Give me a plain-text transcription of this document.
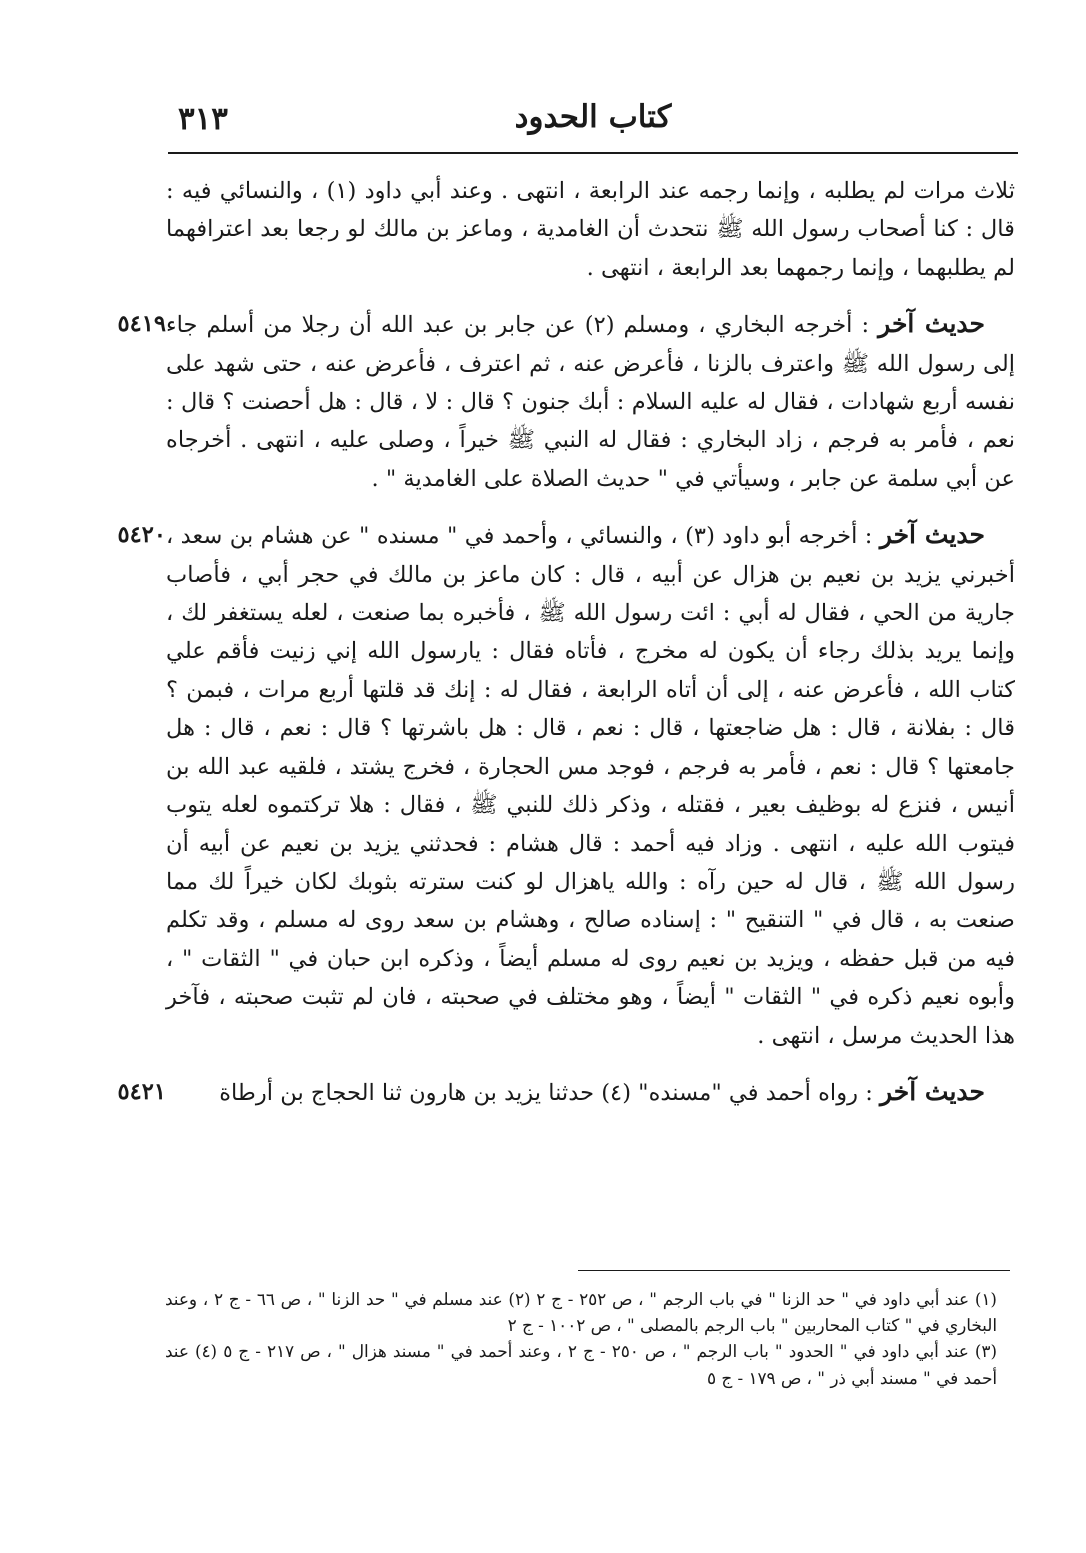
كتاب الحدود
٣١٣
ثلاث مرات لم يطلبه ، وإنما رجمه عند الرابعة ، انتهى . وعند أبي داود (١) ، والنسائي فيه : قال : كنا أصحاب رسول الله ﷺ نتحدث أن الغامدية ، وماعز بن مالك لو رجعا بعد اعترافهما لم يطلبهما ، وإنما رجمهما بعد الرابعة ، انتهى .
٥٤١٩	حديث آخر : أخرجه البخاري ، ومسلم (٢) عن جابر بن عبد الله أن رجلا من أسلم جاء إلى رسول الله ﷺ واعترف بالزنا ، فأعرض عنه ، ثم اعترف ، فأعرض عنه ، حتى شهد على نفسه أربع شهادات ، فقال له عليه السلام : أبك جنون ؟ قال : لا ، قال : هل أحصنت ؟ قال : نعم ، فأمر به فرجم ، زاد البخاري : فقال له النبي ﷺ خيراً ، وصلى عليه ، انتهى . أخرجاه عن أبي سلمة عن جابر ، وسيأتي في " حديث الصلاة على الغامدية " .
٥٤٢٠	حديث آخر : أخرجه أبو داود (٣) ، والنسائي ، وأحمد في " مسنده " عن هشام بن سعد ، أخبرني يزيد بن نعيم بن هزال عن أبيه ، قال : كان ماعز بن مالك في حجر أبي ، فأصاب جارية من الحي ، فقال له أبي : ائت رسول الله ﷺ ، فأخبره بما صنعت ، لعله يستغفر لك ، وإنما يريد بذلك رجاء أن يكون له مخرج ، فأتاه فقال : يارسول الله إني زنيت فأقم علي كتاب الله ، فأعرض عنه ، إلى أن أتاه الرابعة ، فقال له : إنك قد قلتها أربع مرات ، فبمن ؟ قال : بفلانة ، قال : هل ضاجعتها ، قال : نعم ، قال : هل باشرتها ؟ قال : نعم ، قال : هل جامعتها ؟ قال : نعم ، فأمر به فرجم ، فوجد مس الحجارة ، فخرج يشتد ، فلقيه عبد الله بن أنيس ، فنزع له بوظيف بعير ، فقتله ، وذكر ذلك للنبي ﷺ ، فقال : هلا تركتموه لعله يتوب فيتوب الله عليه ، انتهى . وزاد فيه أحمد : قال هشام : فحدثني يزيد بن نعيم عن أبيه أن رسول الله ﷺ ، قال له حين رآه : والله ياهزال لو كنت سترته بثوبك لكان خيراً لك مما صنعت به ، قال في " التنقيح " : إسناده صالح ، وهشام بن سعد روى له مسلم ، وقد تكلم فيه من قبل حفظه ، ويزيد بن نعيم روى له مسلم أيضاً ، وذكره ابن حبان في " الثقات " ، وأبوه نعيم ذكره في " الثقات " أيضاً ، وهو مختلف في صحبته ، فان لم تثبت صحبته ، فآخر هذا الحديث مرسل ، انتهى .
٥٤٢١	حديث آخر : رواه أحمد في "مسنده" (٤) حدثنا يزيد بن هارون ثنا الحجاج بن أرطاة
(١) عند أبي داود في " حد الزنا " في باب الرجم " ، ص ٢٥٢ - ج ٢ (٢) عند مسلم في " حد الزنا " ، ص ٦٦ - ج ٢ ، وعند البخاري في " كتاب المحاربين " باب الرجم بالمصلى " ، ص ١٠٠٢ - ج ٢
(٣) عند أبي داود في " الحدود " باب الرجم " ، ص ٢٥٠ - ج ٢ ، وعند أحمد في " مسند هزال " ، ص ٢١٧ - ج ٥ (٤) عند أحمد في " مسند أبي ذر " ، ص ١٧٩ - ج ٥
